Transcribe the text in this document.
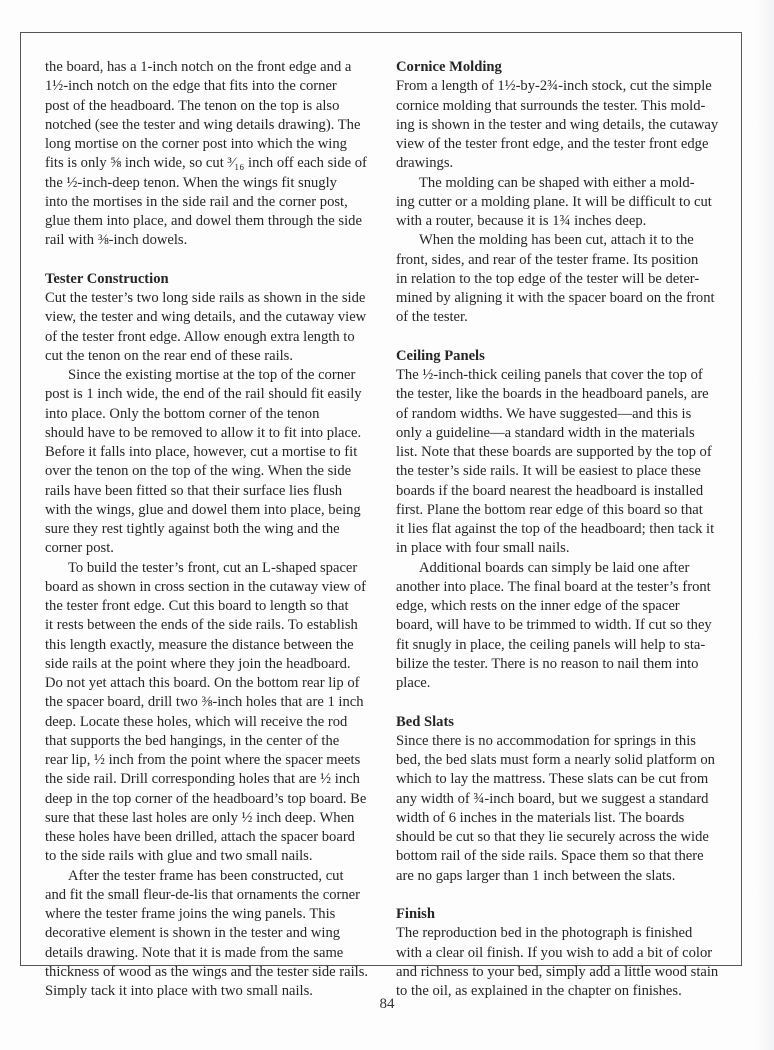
the board, has a 1-inch notch on the front edge and a
1½-inch notch on the edge that fits into the corner
post of the headboard. The tenon on the top is also
notched (see the tester and wing details drawing). The
long mortise on the corner post into which the wing
fits is only ⅝ inch wide, so cut ³⁄₁₆ inch off each side of
the ½-inch-deep tenon. When the wings fit snugly
into the mortises in the side rail and the corner post,
glue them into place, and dowel them through the side
rail with ⅜-inch dowels.
Tester Construction
Cut the tester’s two long side rails as shown in the side
view, the tester and wing details, and the cutaway view
of the tester front edge. Allow enough extra length to
cut the tenon on the rear end of these rails.
Since the existing mortise at the top of the corner
post is 1 inch wide, the end of the rail should fit easily
into place. Only the bottom corner of the tenon
should have to be removed to allow it to fit into place.
Before it falls into place, however, cut a mortise to fit
over the tenon on the top of the wing. When the side
rails have been fitted so that their surface lies flush
with the wings, glue and dowel them into place, being
sure they rest tightly against both the wing and the
corner post.
To build the tester’s front, cut an L-shaped spacer
board as shown in cross section in the cutaway view of
the tester front edge. Cut this board to length so that
it rests between the ends of the side rails. To establish
this length exactly, measure the distance between the
side rails at the point where they join the headboard.
Do not yet attach this board. On the bottom rear lip of
the spacer board, drill two ⅜-inch holes that are 1 inch
deep. Locate these holes, which will receive the rod
that supports the bed hangings, in the center of the
rear lip, ½ inch from the point where the spacer meets
the side rail. Drill corresponding holes that are ½ inch
deep in the top corner of the headboard’s top board. Be
sure that these last holes are only ½ inch deep. When
these holes have been drilled, attach the spacer board
to the side rails with glue and two small nails.
After the tester frame has been constructed, cut
and fit the small fleur-de-lis that ornaments the corner
where the tester frame joins the wing panels. This
decorative element is shown in the tester and wing
details drawing. Note that it is made from the same
thickness of wood as the wings and the tester side rails.
Simply tack it into place with two small nails.
Cornice Molding
From a length of 1½-by-2¾-inch stock, cut the simple
cornice molding that surrounds the tester. This mold-
ing is shown in the tester and wing details, the cutaway
view of the tester front edge, and the tester front edge
drawings.
The molding can be shaped with either a mold-
ing cutter or a molding plane. It will be difficult to cut
with a router, because it is 1¾ inches deep.
When the molding has been cut, attach it to the
front, sides, and rear of the tester frame. Its position
in relation to the top edge of the tester will be deter-
mined by aligning it with the spacer board on the front
of the tester.
Ceiling Panels
The ½-inch-thick ceiling panels that cover the top of
the tester, like the boards in the headboard panels, are
of random widths. We have suggested—and this is
only a guideline—a standard width in the materials
list. Note that these boards are supported by the top of
the tester’s side rails. It will be easiest to place these
boards if the board nearest the headboard is installed
first. Plane the bottom rear edge of this board so that
it lies flat against the top of the headboard; then tack it
in place with four small nails.
Additional boards can simply be laid one after
another into place. The final board at the tester’s front
edge, which rests on the inner edge of the spacer
board, will have to be trimmed to width. If cut so they
fit snugly in place, the ceiling panels will help to sta-
bilize the tester. There is no reason to nail them into
place.
Bed Slats
Since there is no accommodation for springs in this
bed, the bed slats must form a nearly solid platform on
which to lay the mattress. These slats can be cut from
any width of ¾-inch board, but we suggest a standard
width of 6 inches in the materials list. The boards
should be cut so that they lie securely across the wide
bottom rail of the side rails. Space them so that there
are no gaps larger than 1 inch between the slats.
Finish
The reproduction bed in the photograph is finished
with a clear oil finish. If you wish to add a bit of color
and richness to your bed, simply add a little wood stain
to the oil, as explained in the chapter on finishes.
84
